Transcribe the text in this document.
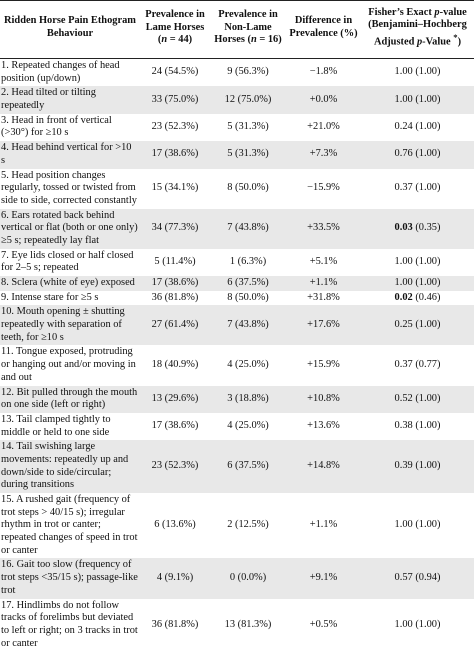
Ridden Horse Pain Ethogram Behaviour	Prevalence in Lame Horses (n = 44)	Prevalence in Non-Lame Horses (n = 16)	Difference in Prevalence (%)	Fisher’s Exact p-value (Benjamini–Hochberg Adjusted p-Value *)
1. Repeated changes of head position (up/down)	24 (54.5%)	9 (56.3%)	−1.8%	1.00 (1.00)
2. Head tilted or tilting repeatedly	33 (75.0%)	12 (75.0%)	+0.0%	1.00 (1.00)
3. Head in front of vertical (>30°) for ≥10 s	23 (52.3%)	5 (31.3%)	+21.0%	0.24 (1.00)
4. Head behind vertical for >10 s	17 (38.6%)	5 (31.3%)	+7.3%	0.76 (1.00)
5. Head position changes regularly, tossed or twisted from side to side, corrected constantly	15 (34.1%)	8 (50.0%)	−15.9%	0.37 (1.00)
6. Ears rotated back behind vertical or flat (both or one only) ≥5 s; repeatedly lay flat	34 (77.3%)	7 (43.8%)	+33.5%	0.03 (0.35)
7. Eye lids closed or half closed for 2–5 s; repeated	5 (11.4%)	1 (6.3%)	+5.1%	1.00 (1.00)
8. Sclera (white of eye) exposed	17 (38.6%)	6 (37.5%)	+1.1%	1.00 (1.00)
9. Intense stare for ≥5 s	36 (81.8%)	8 (50.0%)	+31.8%	0.02 (0.46)
10. Mouth opening ± shutting repeatedly with separation of teeth, for ≥10 s	27 (61.4%)	7 (43.8%)	+17.6%	0.25 (1.00)
11. Tongue exposed, protruding or hanging out and/or moving in and out	18 (40.9%)	4 (25.0%)	+15.9%	0.37 (0.77)
12. Bit pulled through the mouth on one side (left or right)	13 (29.6%)	3 (18.8%)	+10.8%	0.52 (1.00)
13. Tail clamped tightly to middle or held to one side	17 (38.6%)	4 (25.0%)	+13.6%	0.38 (1.00)
14. Tail swishing large movements: repeatedly up and down/side to side/circular; during transitions	23 (52.3%)	6 (37.5%)	+14.8%	0.39 (1.00)
15. A rushed gait (frequency of trot steps > 40/15 s); irregular rhythm in trot or canter; repeated changes of speed in trot or canter	6 (13.6%)	2 (12.5%)	+1.1%	1.00 (1.00)
16. Gait too slow (frequency of trot steps <35/15 s); passage-like trot	4 (9.1%)	0 (0.0%)	+9.1%	0.57 (0.94)
17. Hindlimbs do not follow tracks of forelimbs but deviated to left or right; on 3 tracks in trot or canter	36 (81.8%)	13 (81.3%)	+0.5%	1.00 (1.00)
